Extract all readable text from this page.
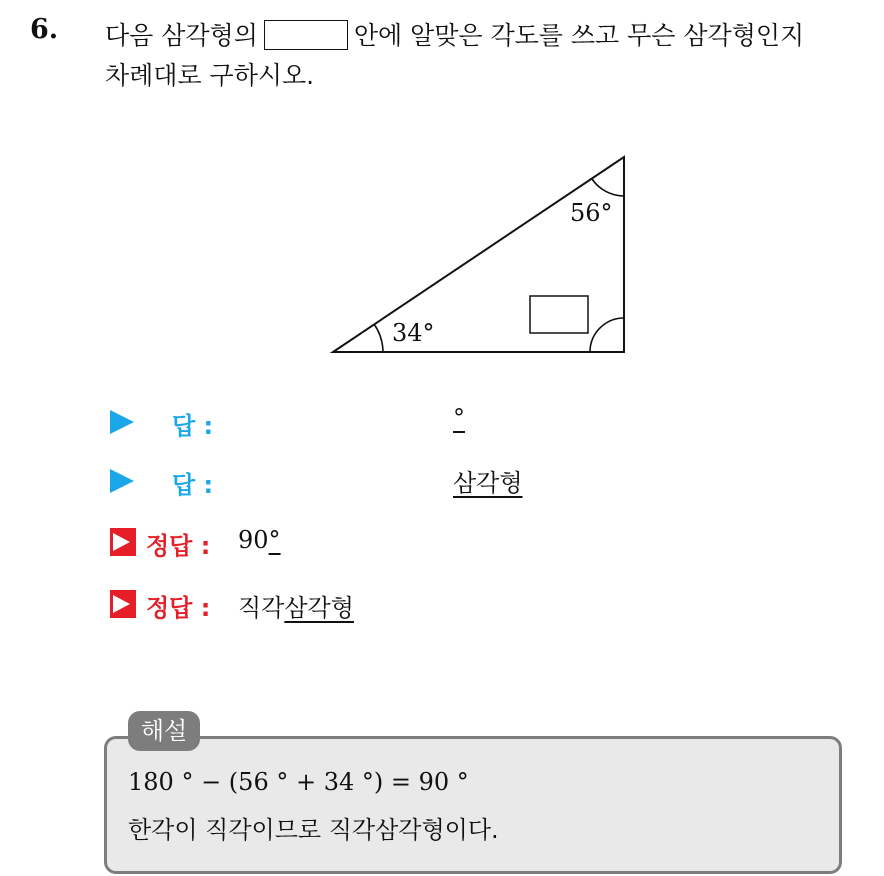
6. 다음 삼각형의	안에 알맞은 각도를 쓰고 무슨 삼각형인지
차례대로 구하시오.
56°
34°
답 :	°
답 :	삼각형
정답 : 90°
정답 : 직각삼각형
해설
180 ° − (56 ° + 34 °) = 90 °
한각이 직각이므로 직각삼각형이다.
